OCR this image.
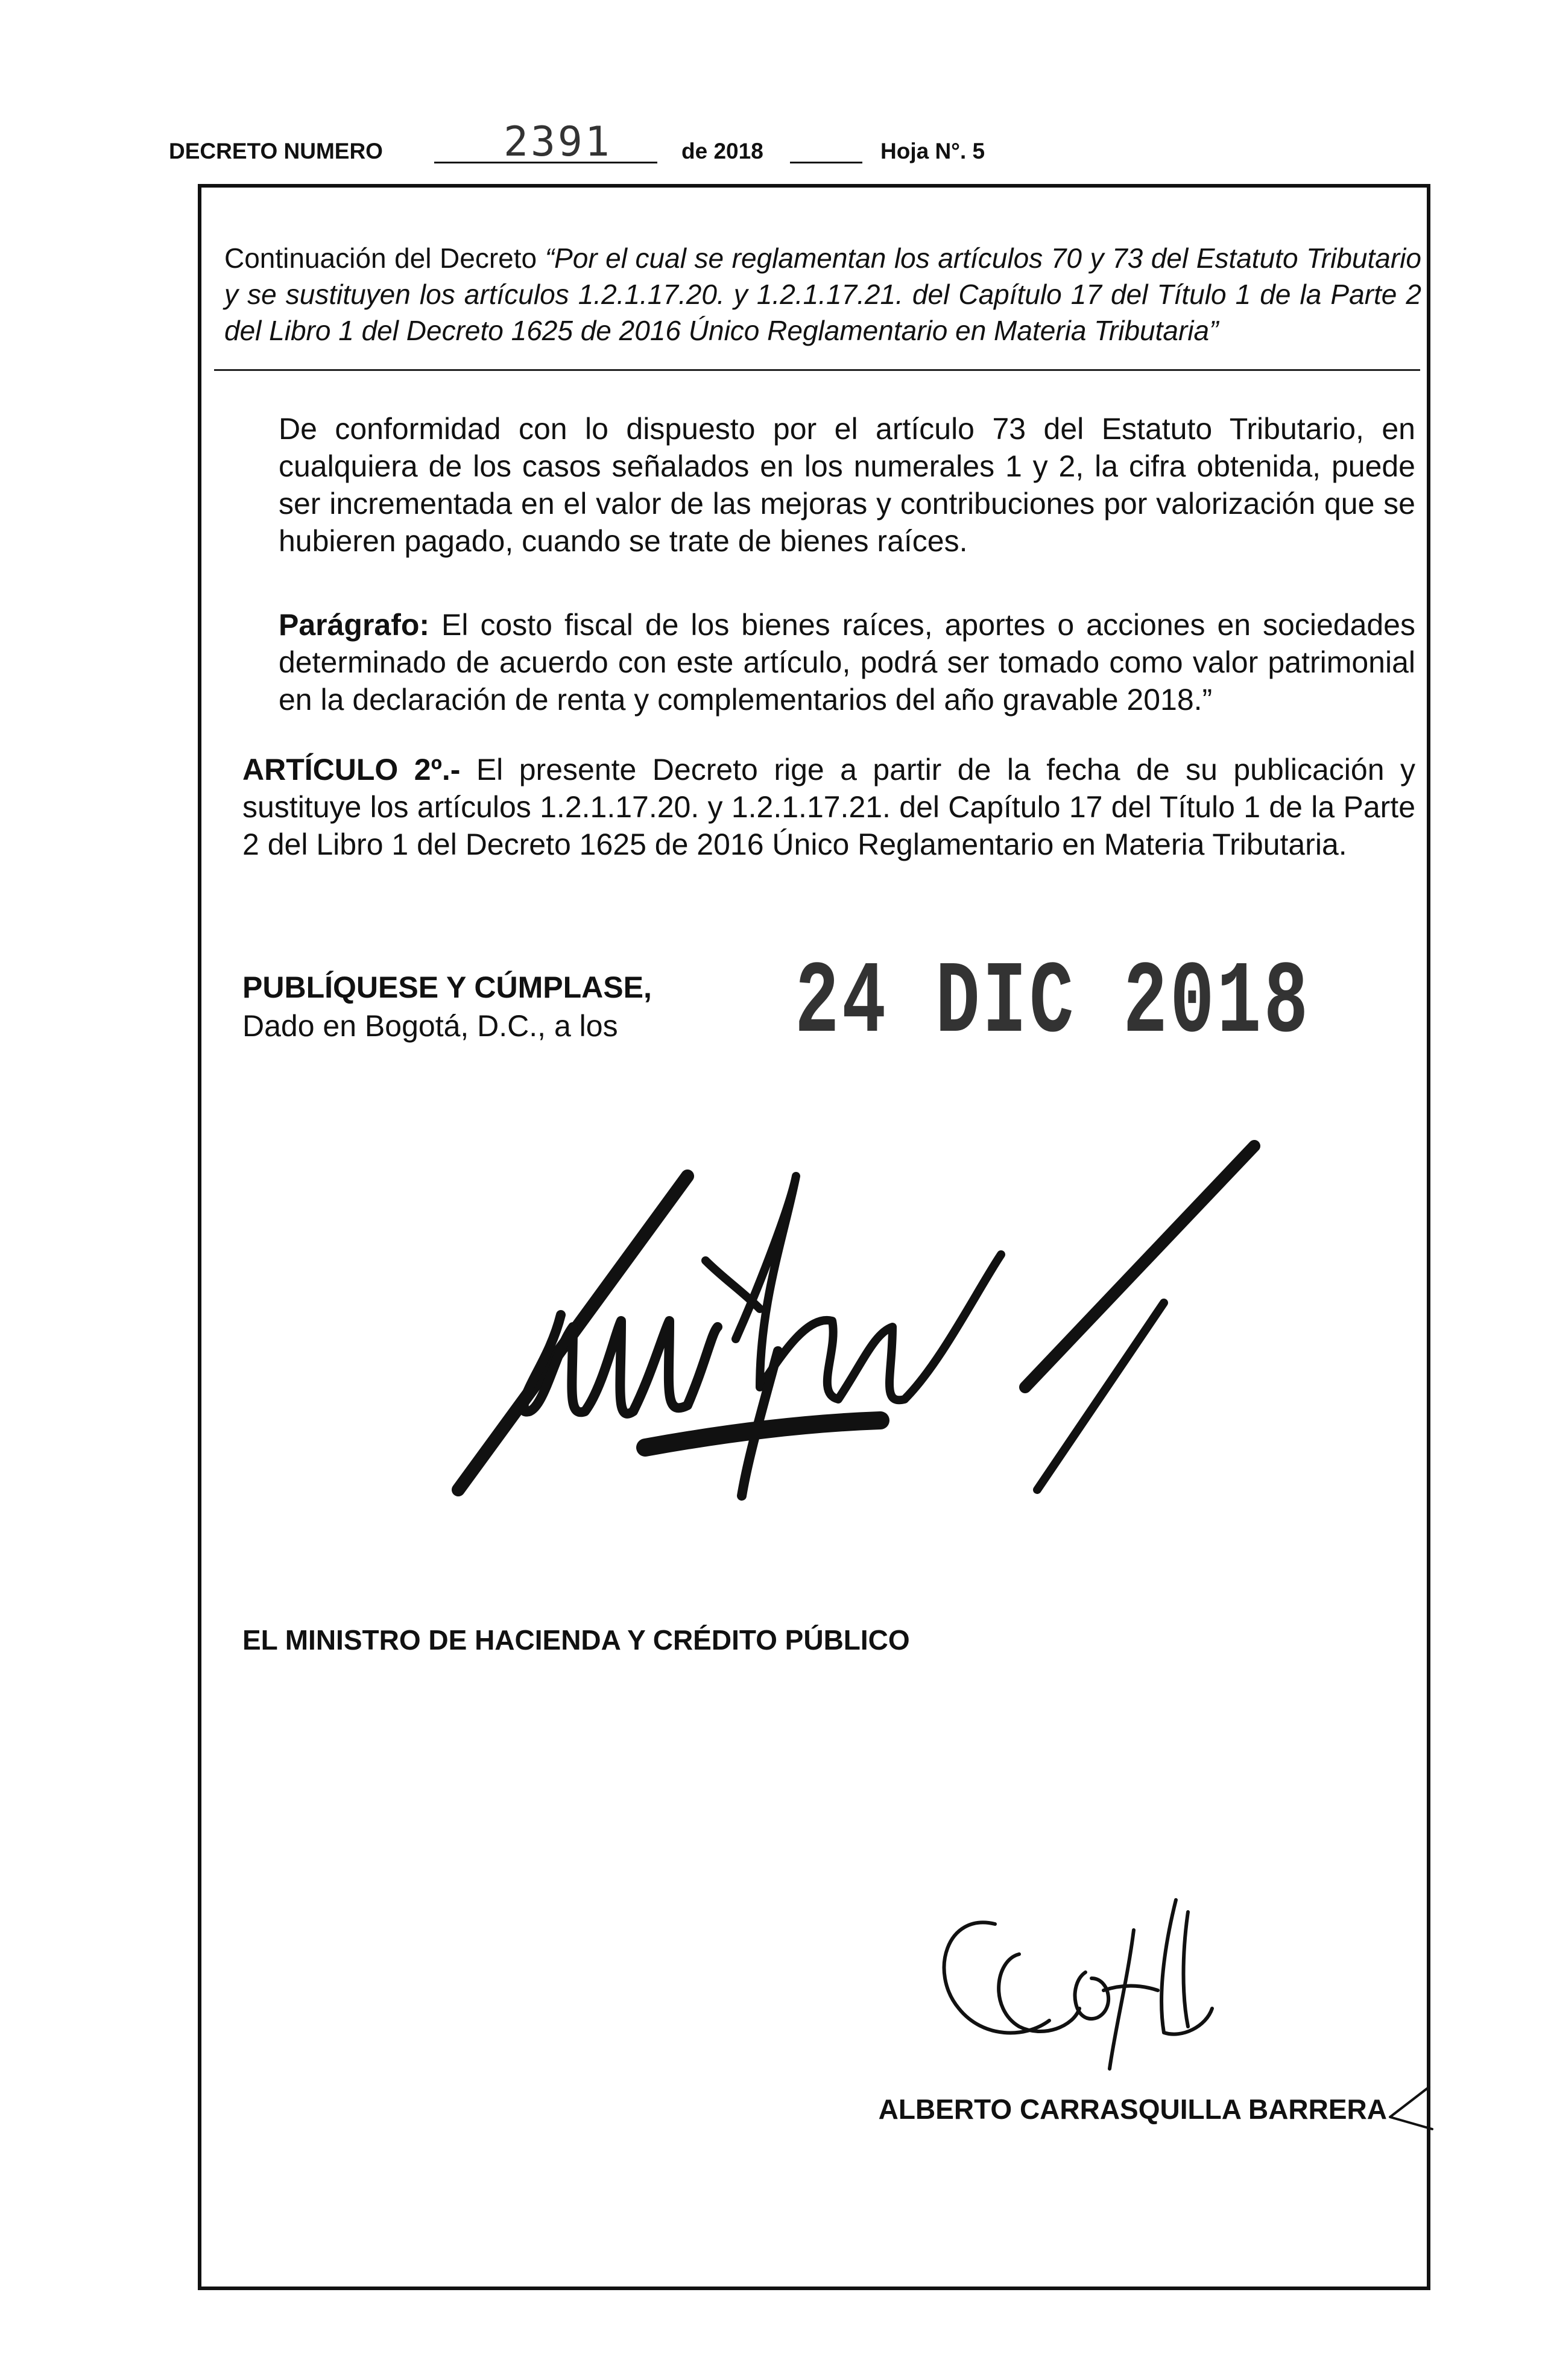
DECRETO NUMERO	2391	de 2018	Hoja N°. 5
Continuación del Decreto “Por el cual se reglamentan los artículos 70 y 73 del Estatuto Tributario y se sustituyen los artículos 1.2.1.17.20. y 1.2.1.17.21. del Capítulo 17 del Título 1 de la Parte 2 del Libro 1 del Decreto 1625 de 2016 Único Reglamentario en Materia Tributaria”
De conformidad con lo dispuesto por el artículo 73 del Estatuto Tributario, en cualquiera de los casos señalados en los numerales 1 y 2, la cifra obtenida, puede ser incrementada en el valor de las mejoras y contribuciones por valorización que se hubieren pagado, cuando se trate de bienes raíces.
Parágrafo: El costo fiscal de los bienes raíces, aportes o acciones en sociedades determinado de acuerdo con este artículo, podrá ser tomado como valor patrimonial en la declaración de renta y complementarios del año gravable 2018.”
ARTÍCULO 2º.- El presente Decreto rige a partir de la fecha de su publicación y sustituye los artículos 1.2.1.17.20. y 1.2.1.17.21. del Capítulo 17 del Título 1 de la Parte 2 del Libro 1 del Decreto 1625 de 2016 Único Reglamentario en Materia Tributaria.
PUBLÍQUESE Y CÚMPLASE,
Dado en Bogotá, D.C., a los	24 DIC 2018
EL MINISTRO DE HACIENDA Y CRÉDITO PÚBLICO
ALBERTO CARRASQUILLA BARRERA
